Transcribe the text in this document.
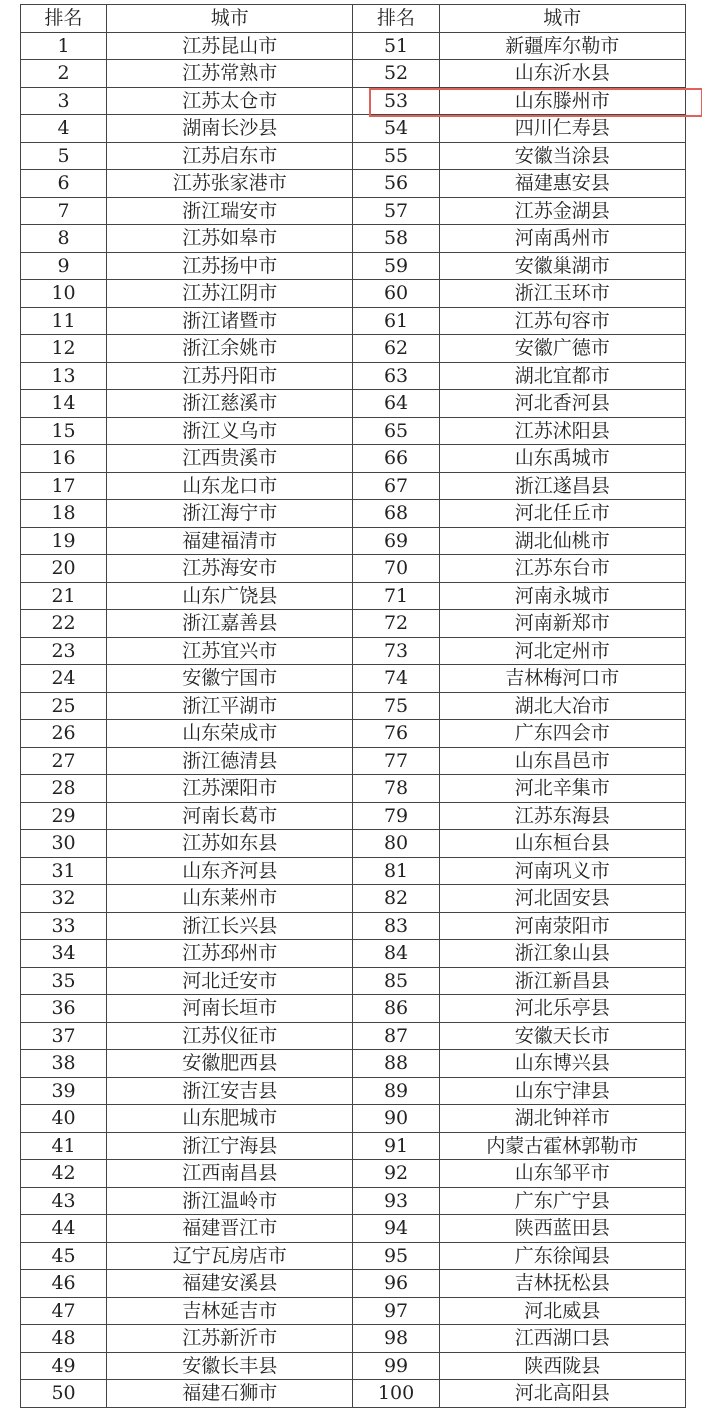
排名	城市	排名	城市
1	江苏昆山市	51	新疆库尔勒市
2	江苏常熟市	52	山东沂水县
3	江苏太仓市	53	山东滕州市
4	湖南长沙县	54	四川仁寿县
5	江苏启东市	55	安徽当涂县
6	江苏张家港市	56	福建惠安县
7	浙江瑞安市	57	江苏金湖县
8	江苏如皋市	58	河南禹州市
9	江苏扬中市	59	安徽巢湖市
10	江苏江阴市	60	浙江玉环市
11	浙江诸暨市	61	江苏句容市
12	浙江余姚市	62	安徽广德市
13	江苏丹阳市	63	湖北宜都市
14	浙江慈溪市	64	河北香河县
15	浙江义乌市	65	江苏沭阳县
16	江西贵溪市	66	山东禹城市
17	山东龙口市	67	浙江遂昌县
18	浙江海宁市	68	河北任丘市
19	福建福清市	69	湖北仙桃市
20	江苏海安市	70	江苏东台市
21	山东广饶县	71	河南永城市
22	浙江嘉善县	72	河南新郑市
23	江苏宜兴市	73	河北定州市
24	安徽宁国市	74	吉林梅河口市
25	浙江平湖市	75	湖北大冶市
26	山东荣成市	76	广东四会市
27	浙江德清县	77	山东昌邑市
28	江苏溧阳市	78	河北辛集市
29	河南长葛市	79	江苏东海县
30	江苏如东县	80	山东桓台县
31	山东齐河县	81	河南巩义市
32	山东莱州市	82	河北固安县
33	浙江长兴县	83	河南荥阳市
34	江苏邳州市	84	浙江象山县
35	河北迁安市	85	浙江新昌县
36	河南长垣市	86	河北乐亭县
37	江苏仪征市	87	安徽天长市
38	安徽肥西县	88	山东博兴县
39	浙江安吉县	89	山东宁津县
40	山东肥城市	90	湖北钟祥市
41	浙江宁海县	91	内蒙古霍林郭勒市
42	江西南昌县	92	山东邹平市
43	浙江温岭市	93	广东广宁县
44	福建晋江市	94	陕西蓝田县
45	辽宁瓦房店市	95	广东徐闻县
46	福建安溪县	96	吉林抚松县
47	吉林延吉市	97	河北威县
48	江苏新沂市	98	江西湖口县
49	安徽长丰县	99	陕西陇县
50	福建石狮市	100	河北高阳县
